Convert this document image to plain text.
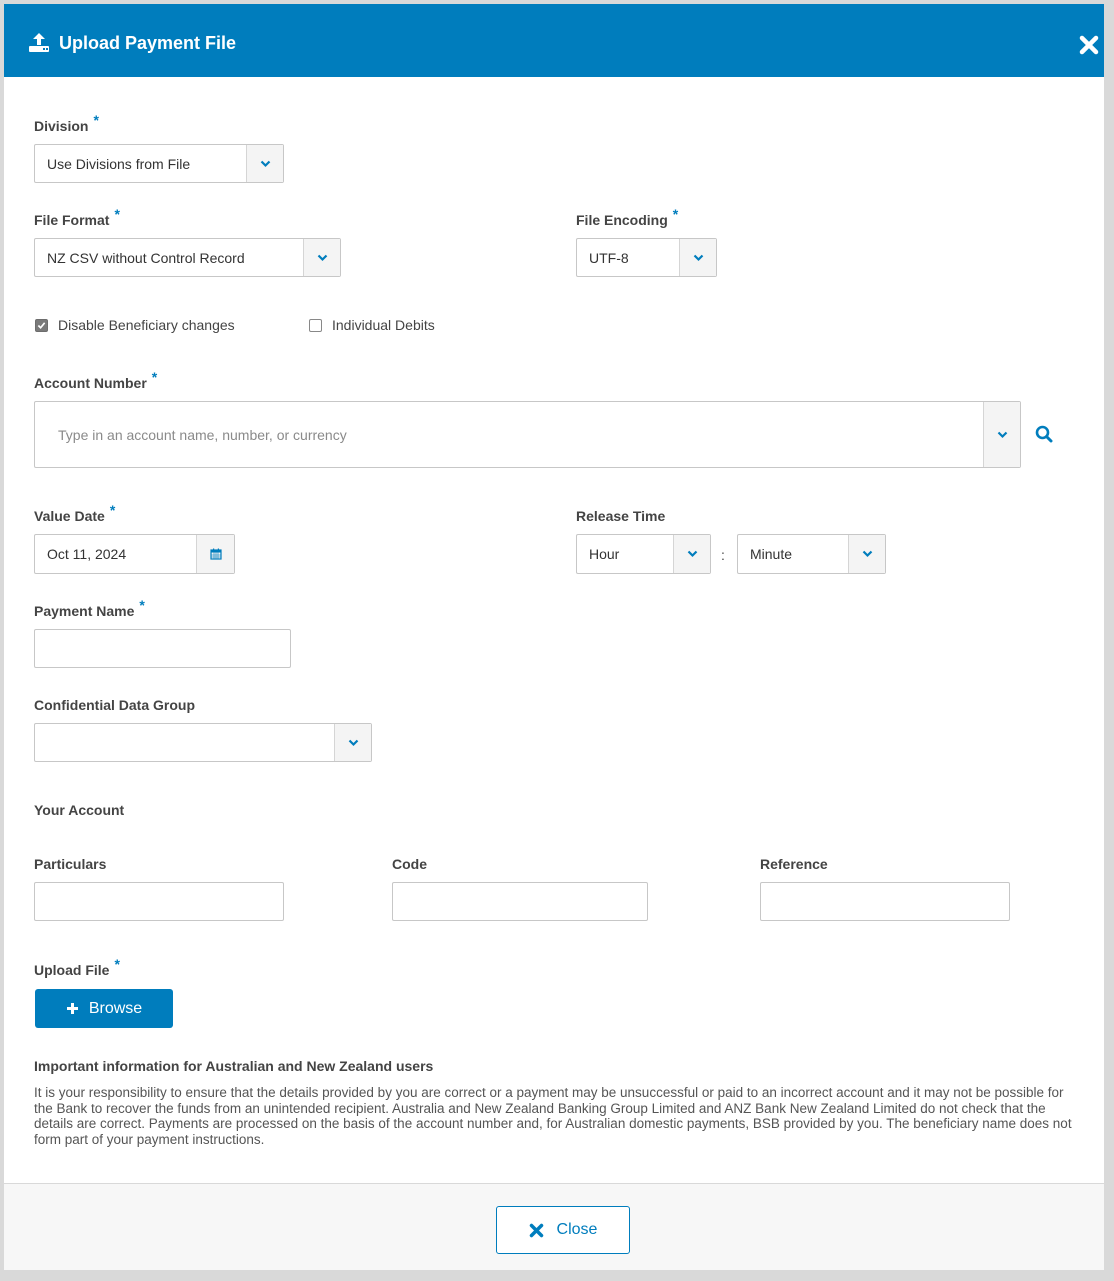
Upload Payment File
Division *
Use Divisions from File
File Format *
NZ CSV without Control Record
File Encoding *
UTF-8
Disable Beneficiary changes	Individual Debits
Account Number *
Type in an account name, number, or currency
Value Date *
Oct 11, 2024
Release Time
Hour	:	Minute
Payment Name *
Confidential Data Group
Your Account
Particulars	Code	Reference
Upload File *
Browse
Important information for Australian and New Zealand users
It is your responsibility to ensure that the details provided by you are correct or a payment may be unsuccessful or paid to an incorrect account and it may not be possible for the Bank to recover the funds from an unintended recipient. Australia and New Zealand Banking Group Limited and ANZ Bank New Zealand Limited do not check that the details are correct. Payments are processed on the basis of the account number and, for Australian domestic payments, BSB provided by you. The beneficiary name does not form part of your payment instructions.
Close
